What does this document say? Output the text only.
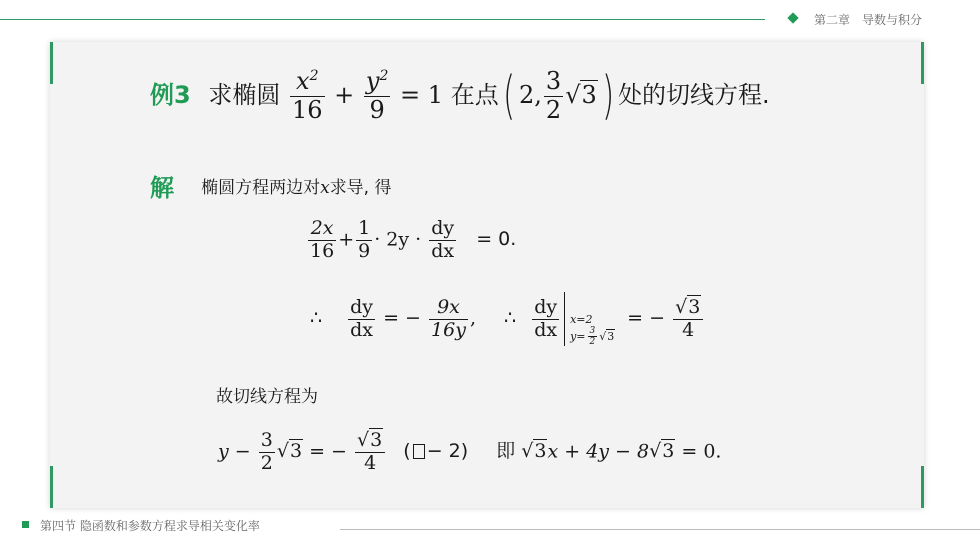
第二章　导数与积分
例3 求椭圆 $\frac{x^2}{16} + \frac{y^2}{9} = 1$ 在点( 2, $\frac{3}{2} √3$) 处的切线方程.
解 椭圆方程两边对x求导, 得
$\frac{2x}{16} + \frac{1}{9} \cdot 2y \cdot \frac{dy}{dx} = 0$.
∴ $\frac{dy}{dx}$ = − $\frac{9x}{16y}$ , ∴ $\frac{dy}{dx} x=2$
$y= \frac{3}{2} √3$
= − $\frac{√3}{4}$
故切线方程为
$y - \frac{3}{2} √3$ = − $\frac{√3}{4}$ ( − 2) 即 √3x + 4y − 8√3 = 0.
第四节 隐函数和参数方程求导相关变化率
